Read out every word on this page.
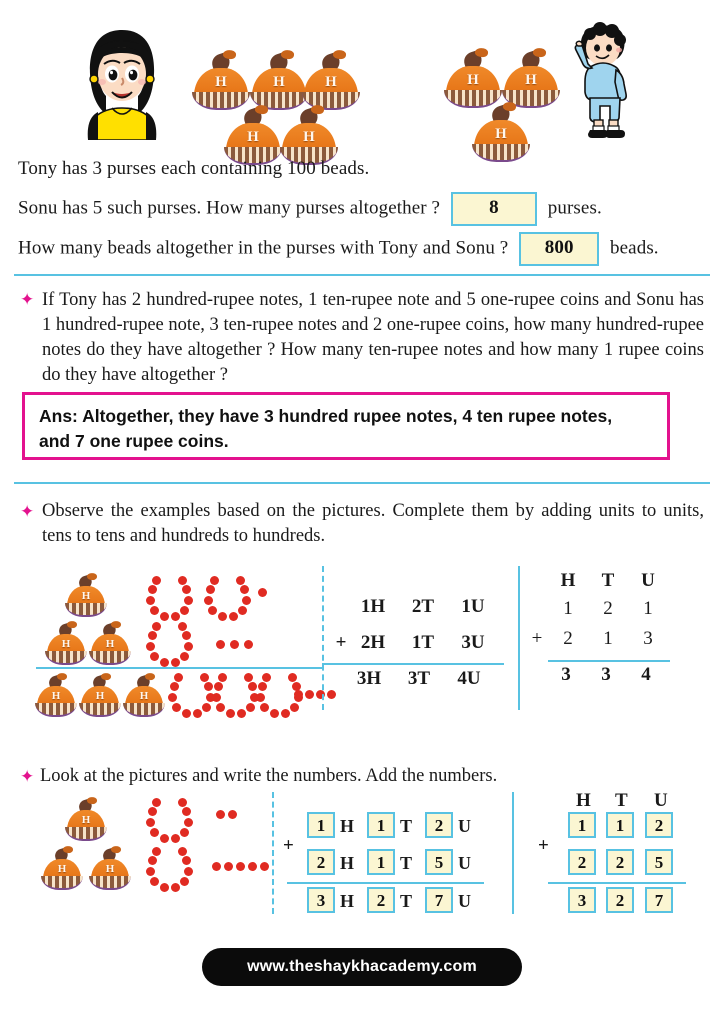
H	H	H
H	H
H	H
H
Tony has 3 purses each containing 100 beads.
Sonu has 5 such purses. How many purses altogether ?	8	purses.
How many beads altogether in the purses with Tony and Sonu ? 800 beads.
✦
If Tony has 2 hundred-rupee notes, 1 ten-rupee note and 5 one-rupee coins and Sonu has 1 hundred-rupee note, 3 ten-rupee notes and 2 one-rupee coins, how many hundred-rupee notes do they have altogether ? How many ten-rupee notes and how many 1 rupee coins do they have altogether ?

Ans: Altogether, they have 3 hundred rupee notes, 4 ten rupee notes,

and 7 one rupee coins.

✦
Observe the examples based on the pictures. Complete them by adding units to units, tens to tens and hundreds to hundreds.
H
H	H
H	H	H
1H	2T	1U
+ 2H	1T	3U
3H	3T	4U
H	T	U
1	2	1
+	2	1	3
3	3	4
✦
Look at the pictures and write the numbers. Add the numbers.
H
H	H
+
1 H	1 T	2 U
2 H	1 T	5 U
3 H	2 T	7 U
H T U
+
1	1	2
2	2	5
3	2	7
www.theshaykhacademy.com
